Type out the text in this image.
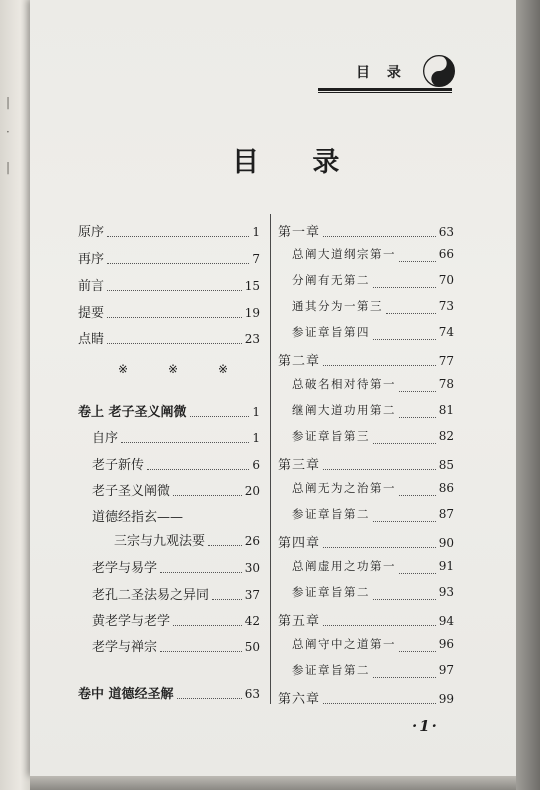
|
·
|
目 录
目 录
原序	1
再序	7
前言	15
提要	19
点睛	23
卷上 老子圣义阐微	1
自序	1
老子新传	6
老子圣义阐微	20
道德经指玄——
三宗与九观法要	26
老学与易学	30
老孔二圣法易之异同	37
黄老学与老学	42
老学与禅宗	50
卷中 道德经圣解	63
※	※	※
第一章	63
总阐大道纲宗第一	66
分阐有无第二	70
通其分为一第三	73
参证章旨第四	74
第二章	77
总破名相对待第一	78
继阐大道功用第二	81
参证章旨第三	82
第三章	85
总阐无为之治第一	86
参证章旨第二	87
第四章	90
总阐虚用之功第一	91
参证章旨第二	93
第五章	94
总阐守中之道第一	96
参证章旨第二	97
第六章	99
·1·
